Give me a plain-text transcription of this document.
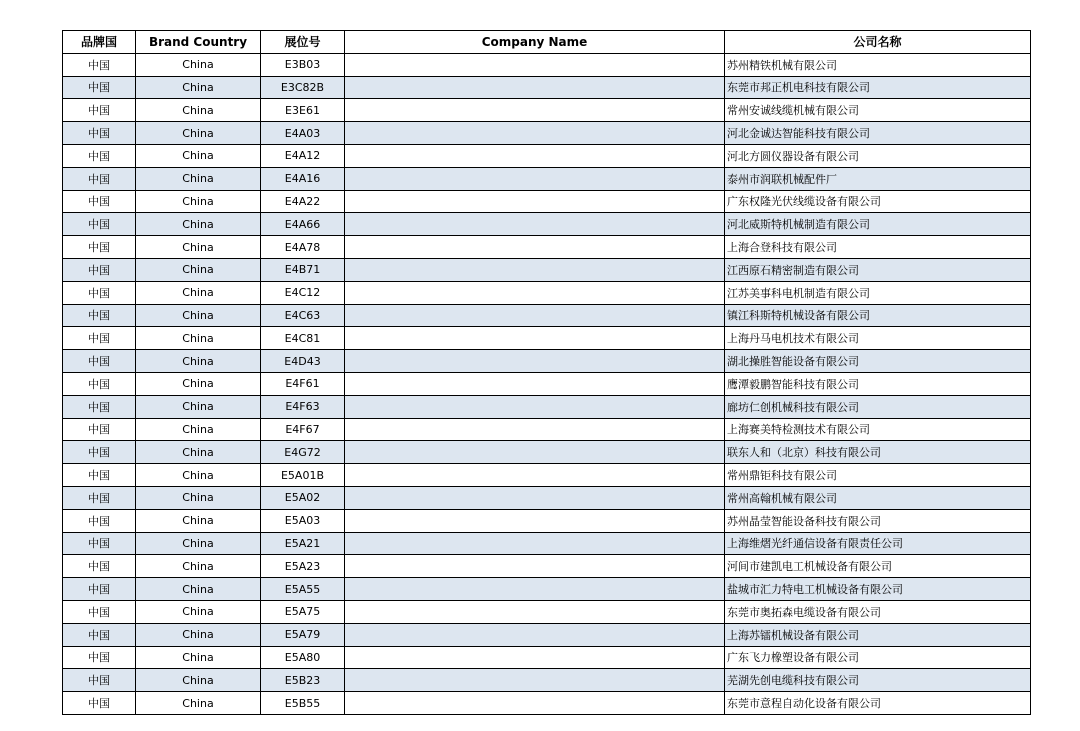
品牌国	Brand Country	展位号	Company Name	公司名称
中国	China	E3B03		苏州精铁机械有限公司
中国	China	E3C82B		东莞市邦正机电科技有限公司
中国	China	E3E61		常州安诚线缆机械有限公司
中国	China	E4A03		河北金诚达智能科技有限公司
中国	China	E4A12		河北方圆仪器设备有限公司
中国	China	E4A16		泰州市润联机械配件厂
中国	China	E4A22		广东权隆光伏线缆设备有限公司
中国	China	E4A66		河北威斯特机械制造有限公司
中国	China	E4A78		上海合登科技有限公司
中国	China	E4B71		江西原石精密制造有限公司
中国	China	E4C12		江苏美事科电机制造有限公司
中国	China	E4C63		镇江科斯特机械设备有限公司
中国	China	E4C81		上海丹马电机技术有限公司
中国	China	E4D43		湖北操胜智能设备有限公司
中国	China	E4F61		鹰潭毅鹏智能科技有限公司
中国	China	E4F63		廊坊仁创机械科技有限公司
中国	China	E4F67		上海赛美特检测技术有限公司
中国	China	E4G72		联东人和（北京）科技有限公司
中国	China	E5A01B		常州鼎钜科技有限公司
中国	China	E5A02		常州高翰机械有限公司
中国	China	E5A03		苏州晶莹智能设备科技有限公司
中国	China	E5A21		上海维熠光纤通信设备有限责任公司
中国	China	E5A23		河间市建凯电工机械设备有限公司
中国	China	E5A55		盐城市汇力特电工机械设备有限公司
中国	China	E5A75		东莞市奥拓森电缆设备有限公司
中国	China	E5A79		上海苏镭机械设备有限公司
中国	China	E5A80		广东飞力橡塑设备有限公司
中国	China	E5B23		芜湖先创电缆科技有限公司
中国	China	E5B55		东莞市意程自动化设备有限公司
